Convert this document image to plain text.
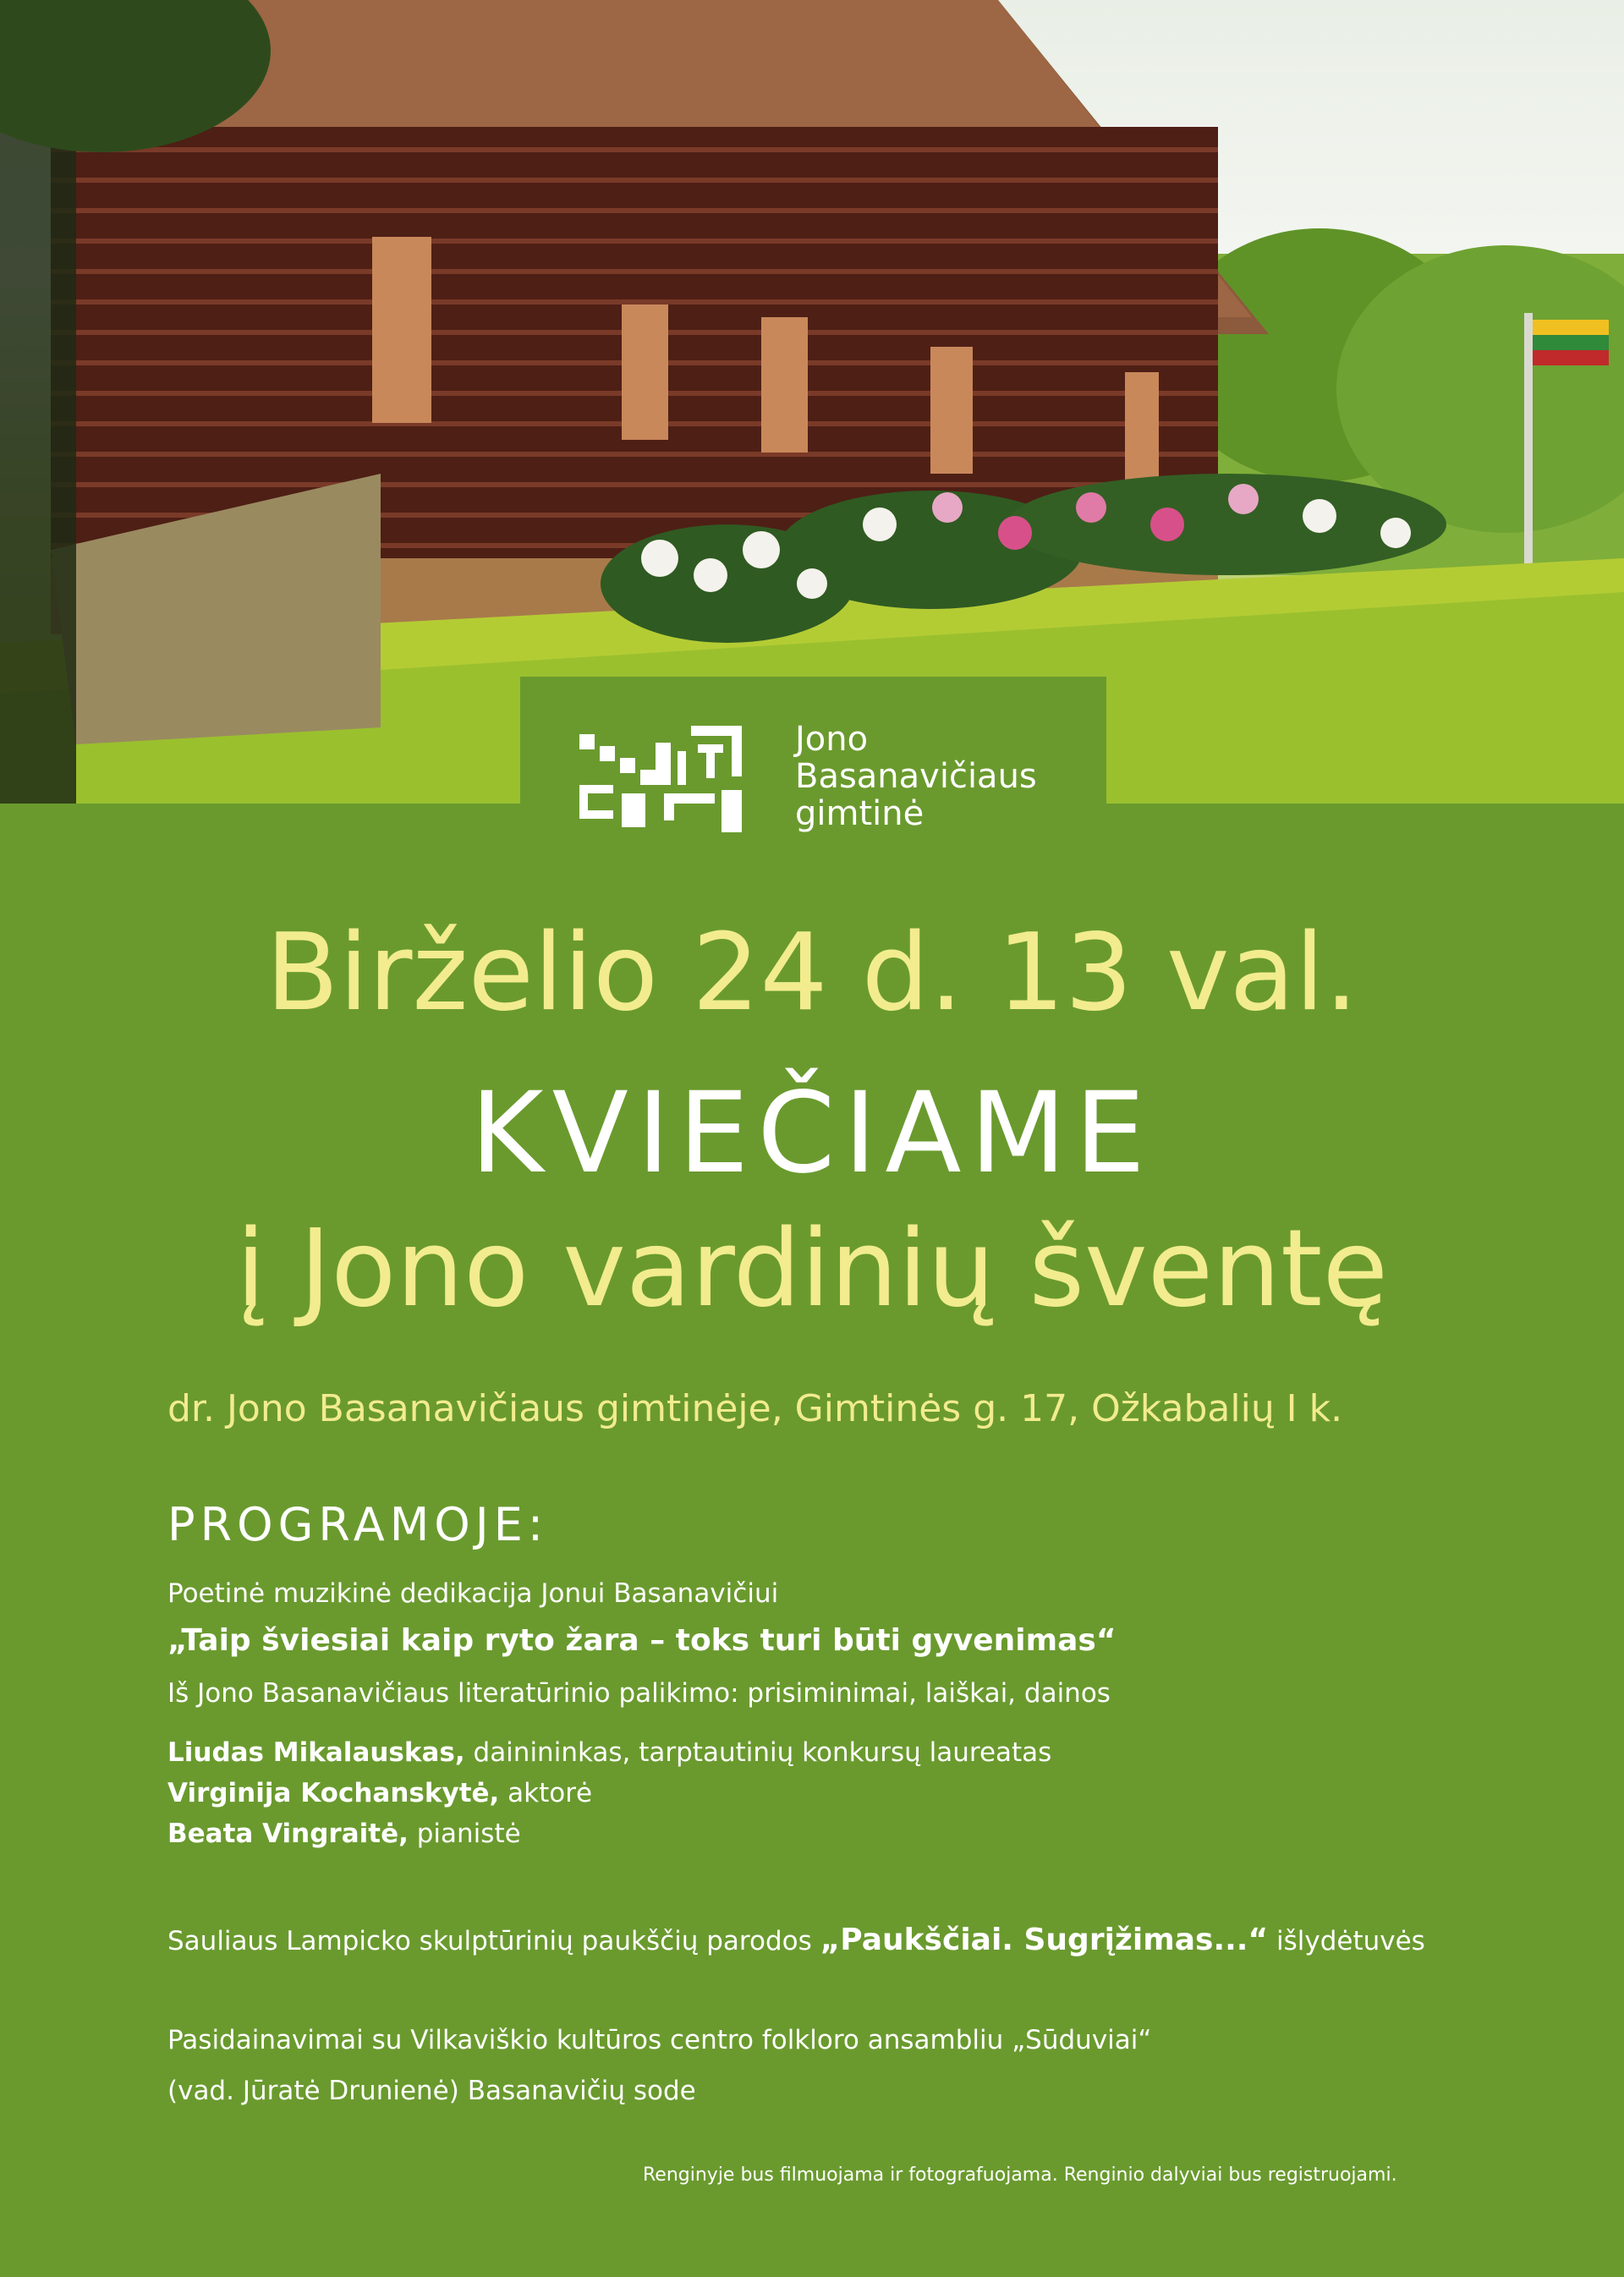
Jono
Basanavičiaus
gimtinė
Birželio 24 d. 13 val.
KVIEČIAME
į Jono vardinių šventę
dr. Jono Basanavičiaus gimtinėje, Gimtinės g. 17, Ožkabalių I k.
PROGRAMOJE:
Poetinė muzikinė dedikacija Jonui Basanavičiui
„Taip šviesiai kaip ryto žara – toks turi būti gyvenimas“
Iš Jono Basanavičiaus literatūrinio palikimo: prisiminimai, laiškai, dainos
Liudas Mikalauskas, dainininkas, tarptautinių konkursų laureatas
Virginija Kochanskytė, aktorė
Beata Vingraitė, pianistė
Sauliaus Lampicko skulptūrinių paukščių parodos „Paukščiai. Sugrįžimas...“ išlydėtuvės
Pasidainavimai su Vilkaviškio kultūros centro folkloro ansambliu „Sūduviai“
(vad. Jūratė Drunienė) Basanavičių sode
Renginyje bus filmuojama ir fotografuojama. Renginio dalyviai bus registruojami.
